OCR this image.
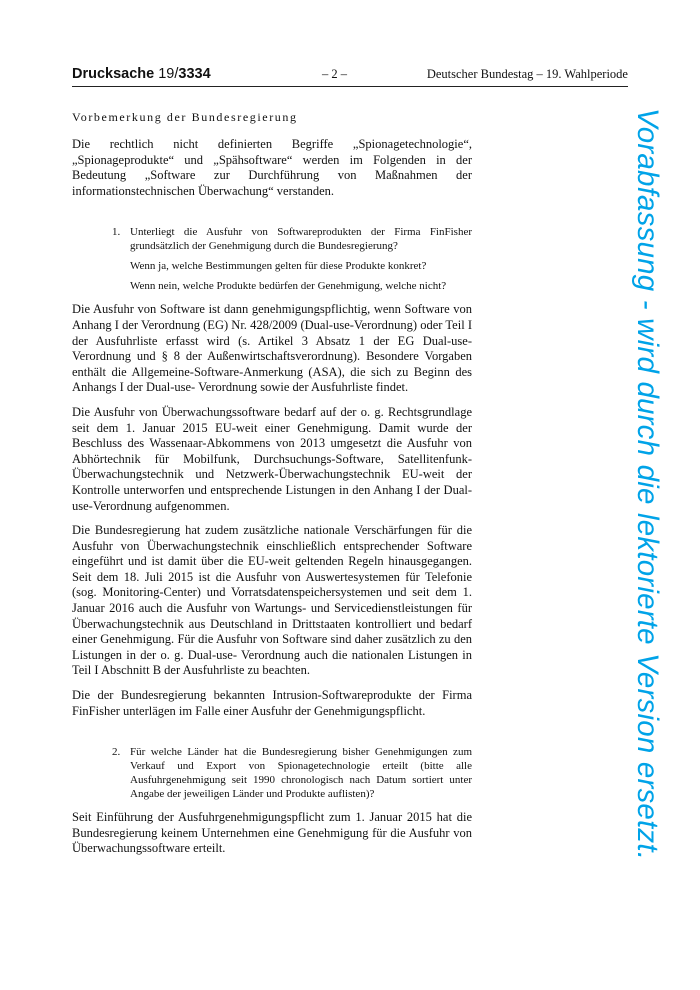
Drucksache 19/3334	– 2 –	Deutscher Bundestag – 19. Wahlperiode
Vorbemerkung der Bundesregierung

Die rechtlich nicht definierten Begriffe „Spionagetechnologie“, „Spionageprodukte“ und „Spähsoftware“ werden im Folgenden in der Bedeutung „Software zur Durchführung von Maßnahmen der informationstechnischen Überwachung“ verstanden.

1. Unterliegt die Ausfuhr von Softwareprodukten der Firma FinFisher grundsätzlich der Genehmigung durch die Bundesregierung?
Wenn ja, welche Bestimmungen gelten für diese Produkte konkret?
Wenn nein, welche Produkte bedürfen der Genehmigung, welche nicht?

Die Ausfuhr von Software ist dann genehmigungspflichtig, wenn Software von Anhang I der Verordnung (EG) Nr. 428/2009 (Dual-use-Verordnung) oder Teil I der Ausfuhrliste erfasst wird (s. Artikel 3 Absatz 1 der EG Dual-use-Verordnung und § 8 der Außenwirtschaftsverordnung). Besondere Vorgaben enthält die Allgemeine-Software-Anmerkung (ASA), die sich zu Beginn des Anhangs I der Dual-use- Verordnung sowie der Ausfuhrliste findet.

Die Ausfuhr von Überwachungssoftware bedarf auf der o. g. Rechtsgrundlage seit dem 1. Januar 2015 EU-weit einer Genehmigung. Damit wurde der Beschluss des Wassenaar-Abkommens von 2013 umgesetzt die Ausfuhr von Abhörtechnik für Mobilfunk, Durchsuchungs-Software, Satellitenfunk-Überwachungstechnik und Netzwerk-Überwachungstechnik EU-weit der Kontrolle unterworfen und entsprechende Listungen in den Anhang I der Dual-use-Verordnung aufgenommen.

Die Bundesregierung hat zudem zusätzliche nationale Verschärfungen für die Ausfuhr von Überwachungstechnik einschließlich entsprechender Software eingeführt und ist damit über die EU-weit geltenden Regeln hinausgegangen. Seit dem 18. Juli 2015 ist die Ausfuhr von Auswertesystemen für Telefonie (sog. Monitoring-Center) und Vorratsdatenspeichersystemen und seit dem 1. Januar 2016 auch die Ausfuhr von Wartungs- und Servicedienstleistungen für Überwachungstechnik aus Deutschland in Drittstaaten kontrolliert und bedarf einer Genehmigung. Für die Ausfuhr von Software sind daher zusätzlich zu den Listungen in der o. g. Dual-use- Verordnung auch die nationalen Listungen in Teil I Abschnitt B der Ausfuhrliste zu beachten.

Die der Bundesregierung bekannten Intrusion-Softwareprodukte der Firma FinFisher unterlägen im Falle einer Ausfuhr der Genehmigungspflicht.

2. Für welche Länder hat die Bundesregierung bisher Genehmigungen zum Verkauf und Export von Spionagetechnologie erteilt (bitte alle Ausfuhrgenehmigung seit 1990 chronologisch nach Datum sortiert unter Angabe der jeweiligen Länder und Produkte auflisten)?

Seit Einführung der Ausfuhrgenehmigungspflicht zum 1. Januar 2015 hat die Bundesregierung keinem Unternehmen eine Genehmigung für die Ausfuhr von Überwachungssoftware erteilt.	Vorabfassung - wird durch die lektorierte Version ersetzt.
